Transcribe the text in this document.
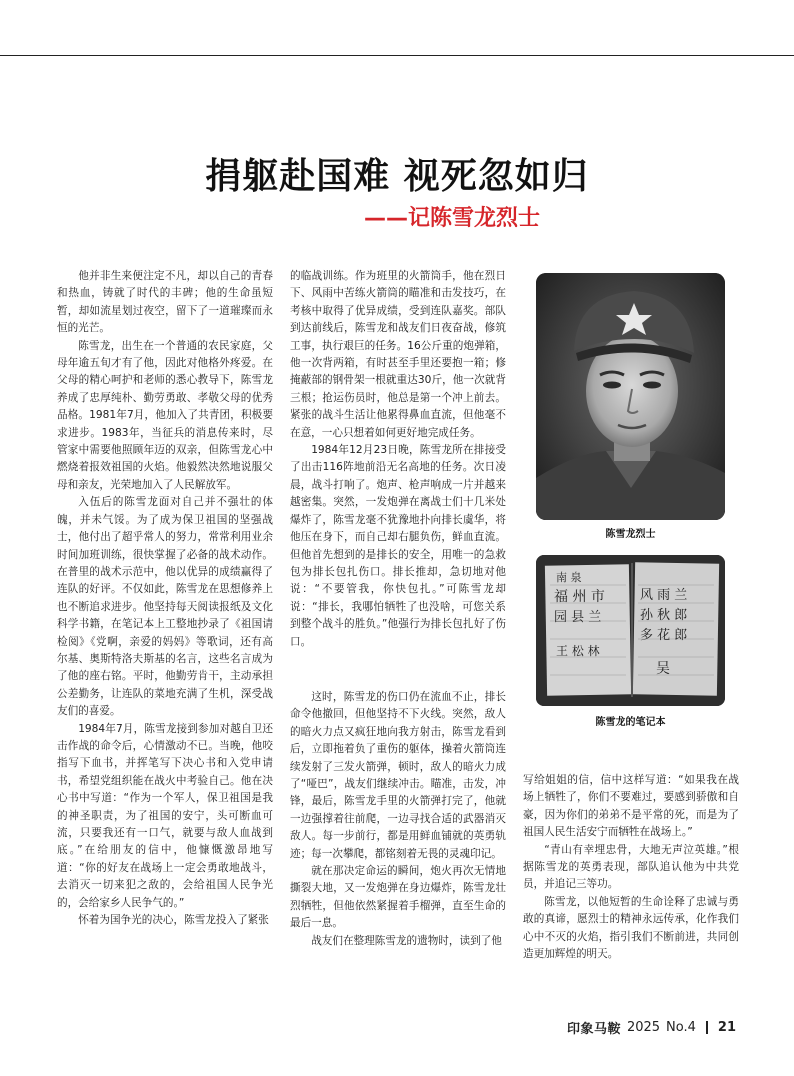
捐躯赴国难 视死忽如归
——记陈雪龙烈士

他并非生来便注定不凡，却以自己的青春和热血，铸就了时代的丰碑；他的生命虽短暂，却如流星划过夜空，留下了一道璀璨而永恒的光芒。

陈雪龙，出生在一个普通的农民家庭，父母年逾五旬才有了他，因此对他格外疼爱。在父母的精心呵护和老师的悉心教导下，陈雪龙养成了忠厚纯朴、勤劳勇敢、孝敬父母的优秀品格。1981年7月，他加入了共青团，积极要求进步。1983年，当征兵的消息传来时，尽管家中需要他照顾年迈的双亲，但陈雪龙心中燃烧着报效祖国的火焰。他毅然决然地说服父母和亲友，光荣地加入了人民解放军。

入伍后的陈雪龙面对自己并不强壮的体魄，并未气馁。为了成为保卫祖国的坚强战士，他付出了超乎常人的努力，常常利用业余时间加班训练，很快掌握了必备的战术动作。在普里的战术示范中，他以优异的成绩赢得了连队的好评。不仅如此，陈雪龙在思想修养上也不断追求进步。他坚持每天阅读报纸及文化科学书籍，在笔记本上工整地抄录了《祖国请检阅》《党啊，亲爱的妈妈》等歌词，还有高尔基、奥斯特洛夫斯基的名言，这些名言成为了他的座右铭。平时，他勤劳肯干，主动承担公差勤务，让连队的菜地充满了生机，深受战友们的喜爱。

1984年7月，陈雪龙接到参加对越自卫还击作战的命令后，心情激动不已。当晚，他咬指写下血书，并挥笔写下决心书和入党申请书，希望党组织能在战火中考验自己。他在决心书中写道：“作为一个军人，保卫祖国是我的神圣职责，为了祖国的安宁，头可断血可流，只要我还有一口气，就要与敌人血战到底。”在给朋友的信中，他慷慨激昂地写道：“你的好友在战场上一定会勇敢地战斗，去消灭一切来犯之敌的，会给祖国人民争光的，会给家乡人民争气的。”

怀着为国争光的决心，陈雪龙投入了紧张

的临战训练。作为班里的火箭筒手，他在烈日下、风雨中苦练火箭筒的瞄准和击发技巧，在考核中取得了优异成绩，受到连队嘉奖。部队到达前线后，陈雪龙和战友们日夜奋战，修筑工事，执行艰巨的任务。16公斤重的炮弹箱，他一次背两箱，有时甚至手里还要抱一箱；修掩蔽部的钢骨架一根就重达30斤，他一次就背三根；抢运伤员时，他总是第一个冲上前去。紧张的战斗生活让他累得鼻血直流，但他毫不在意，一心只想着如何更好地完成任务。

1984年12月23日晚，陈雪龙所在排接受了出击116阵地前沿无名高地的任务。次日凌晨，战斗打响了。炮声、枪声响成一片并越来越密集。突然，一发炮弹在离战士们十几米处爆炸了，陈雪龙毫不犹豫地扑向排长虞华，将他压在身下，而自己却右腿负伤，鲜血直流。但他首先想到的是排长的安全，用唯一的急救包为排长包扎伤口。排长推却，急切地对他说：“不要管我，你快包扎。”可陈雪龙却说：“排长，我哪怕牺牲了也没啥，可您关系到整个战斗的胜负。”他强行为排长包扎好了伤口。

这时，陈雪龙的伤口仍在流血不止，排长命令他撤回，但他坚持不下火线。突然，敌人的暗火力点又疯狂地向我方射击，陈雪龙看到后，立即拖着负了重伤的躯体，操着火箭筒连续发射了三发火箭弹，顿时，敌人的暗火力成了“哑巴”，战友们继续冲击。瞄准，击发，冲锋，最后，陈雪龙手里的火箭弹打完了，他就一边强撑着往前爬，一边寻找合适的武器消灭敌人。每一步前行，都是用鲜血铺就的英勇轨迹；每一次攀爬，都铭刻着无畏的灵魂印记。

就在那决定命运的瞬间，炮火再次无情地撕裂大地，又一发炮弹在身边爆炸，陈雪龙壮烈牺牲，但他依然紧握着手榴弹，直至生命的最后一息。

战友们在整理陈雪龙的遗物时，读到了他

写给姐姐的信，信中这样写道：“如果我在战场上牺牲了，你们不要难过，要感到骄傲和自豪，因为你们的弟弟不是平常的死，而是为了祖国人民生活安宁而牺牲在战场上。”

“青山有幸埋忠骨，大地无声泣英雄。”根据陈雪龙的英勇表现，部队追认他为中共党员，并追记三等功。

陈雪龙，以他短暂的生命诠释了忠诚与勇敢的真谛，愿烈士的精神永远传承，化作我们心中不灭的火焰，指引我们不断前进，共同创造更加辉煌的明天。

陈雪龙烈士
南 泉
福 州 市
园 县 兰
风 雨 兰
孙 秋 郎
多 花 郎
王 松 林
吴
陈雪龙的笔记本
印象马鞍 2025 No.4 21
